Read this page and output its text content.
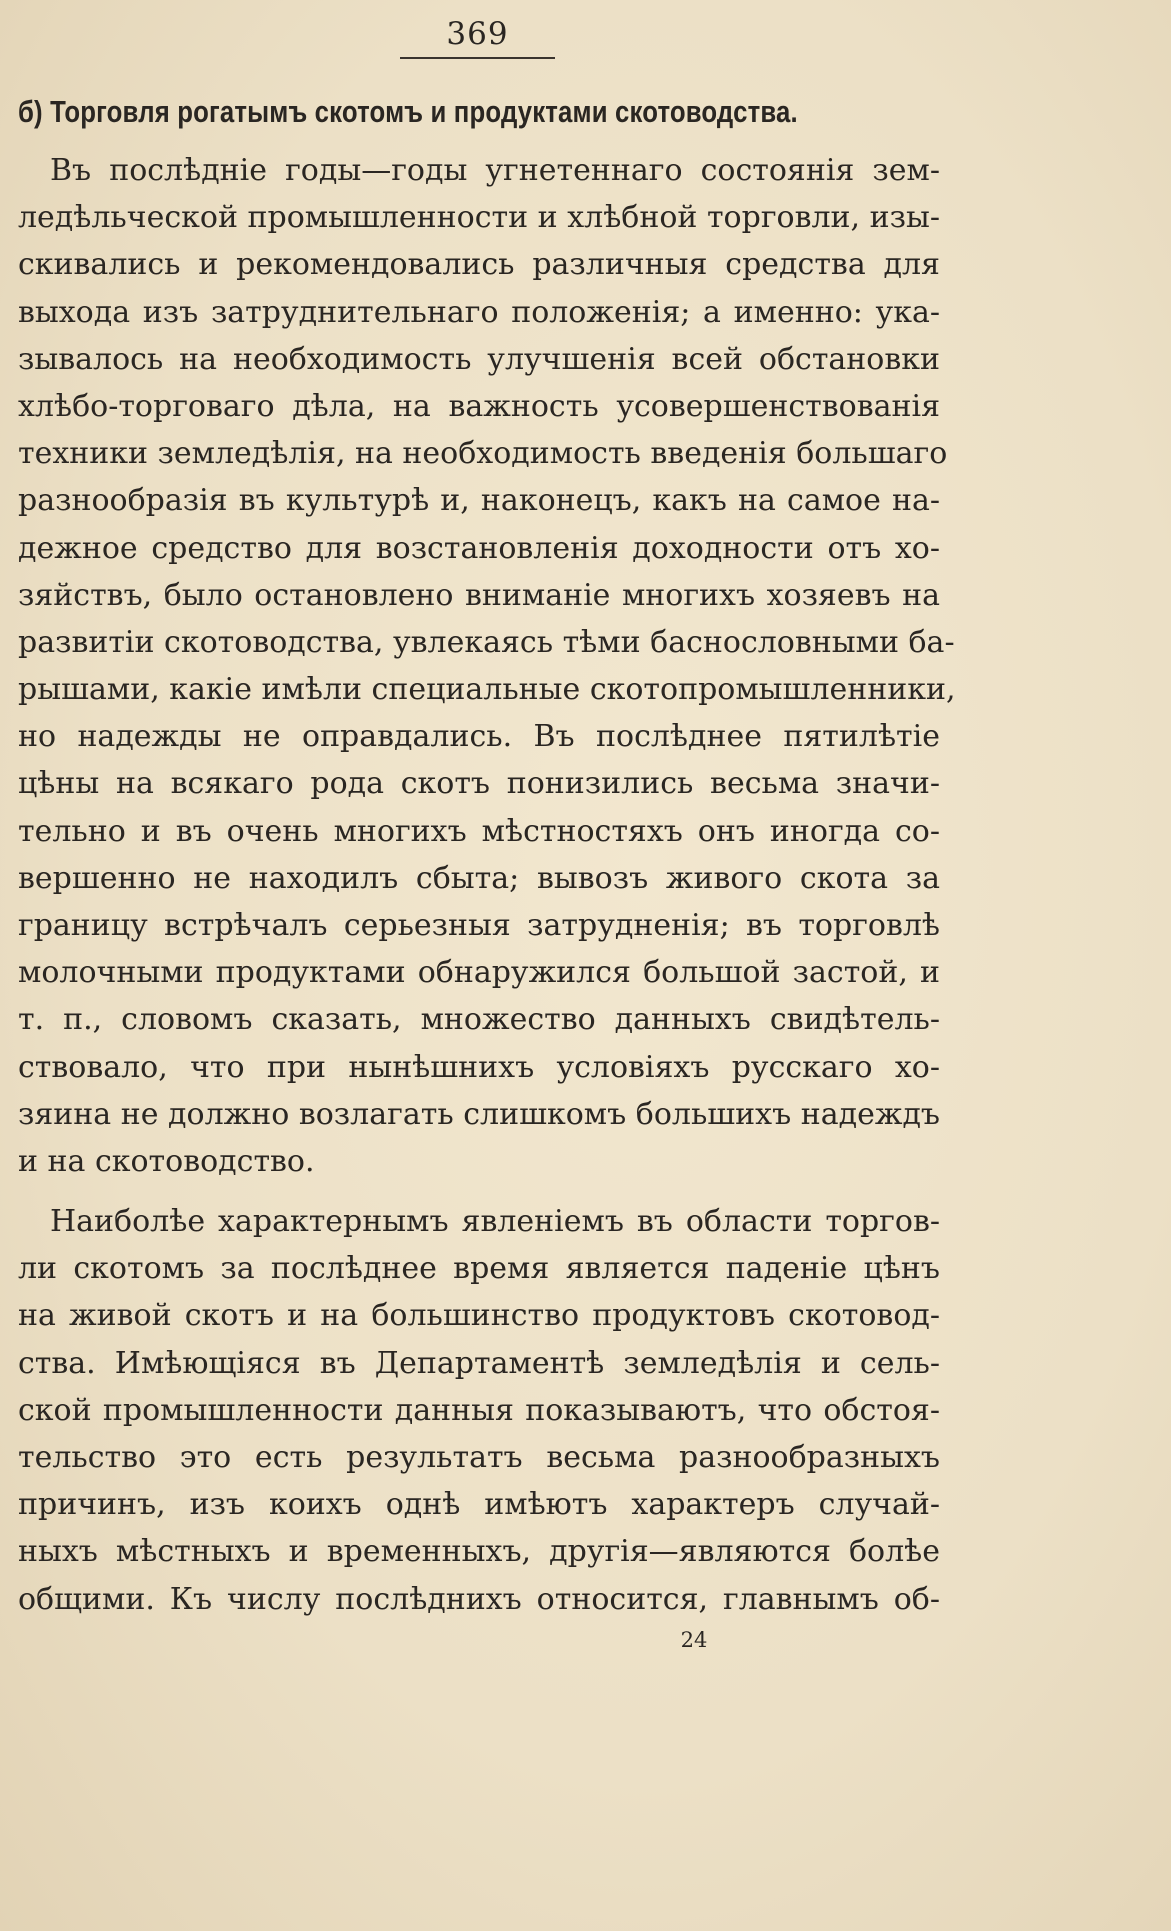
369
б) Торговля рогатымъ скотомъ и продуктами скотоводства.
Въ послѣдніе годы—годы угнетеннаго состоянія зем-
ледѣльческой промышленности и хлѣбной торговли, изы-
скивались и рекомендовались различныя средства для
выхода изъ затруднительнаго положенія; а именно: ука-
зывалось на необходимость улучшенія всей обстановки
хлѣбо-торговаго дѣла, на важность усовершенствованія
техники земледѣлія, на необходимость введенія большаго
разнообразія въ культурѣ и, наконецъ, какъ на самое на-
дежное средство для возстановленія доходности отъ хо-
зяйствъ, было остановлено вниманіе многихъ хозяевъ на
развитіи скотоводства, увлекаясь тѣми баснословными ба-
рышами, какіе имѣли специальные скотопромышленники,
но надежды не оправдались. Въ послѣднее пятилѣтіе
цѣны на всякаго рода скотъ понизились весьма значи-
тельно и въ очень многихъ мѣстностяхъ онъ иногда со-
вершенно не находилъ сбыта; вывозъ живого скота за
границу встрѣчалъ серьезныя затрудненія; въ торговлѣ
молочными продуктами обнаружился большой застой, и
т. п., словомъ сказать, множество данныхъ свидѣтель-
ствовало, что при нынѣшнихъ условіяхъ русскаго хо-
зяина не должно возлагать слишкомъ большихъ надеждъ
и на скотоводство.
Наиболѣе характернымъ явленіемъ въ области торгов-
ли скотомъ за послѣднее время является паденіе цѣнъ
на живой скотъ и на большинство продуктовъ скотовод-
ства. Имѣющіяся въ Департаментѣ земледѣлія и сель-
ской промышленности данныя показываютъ, что обстоя-
тельство это есть результатъ весьма разнообразныхъ
причинъ, изъ коихъ однѣ имѣютъ характеръ случай-
ныхъ мѣстныхъ и временныхъ, другія—являются болѣе
общими. Къ числу послѣднихъ относится, главнымъ об-
24
